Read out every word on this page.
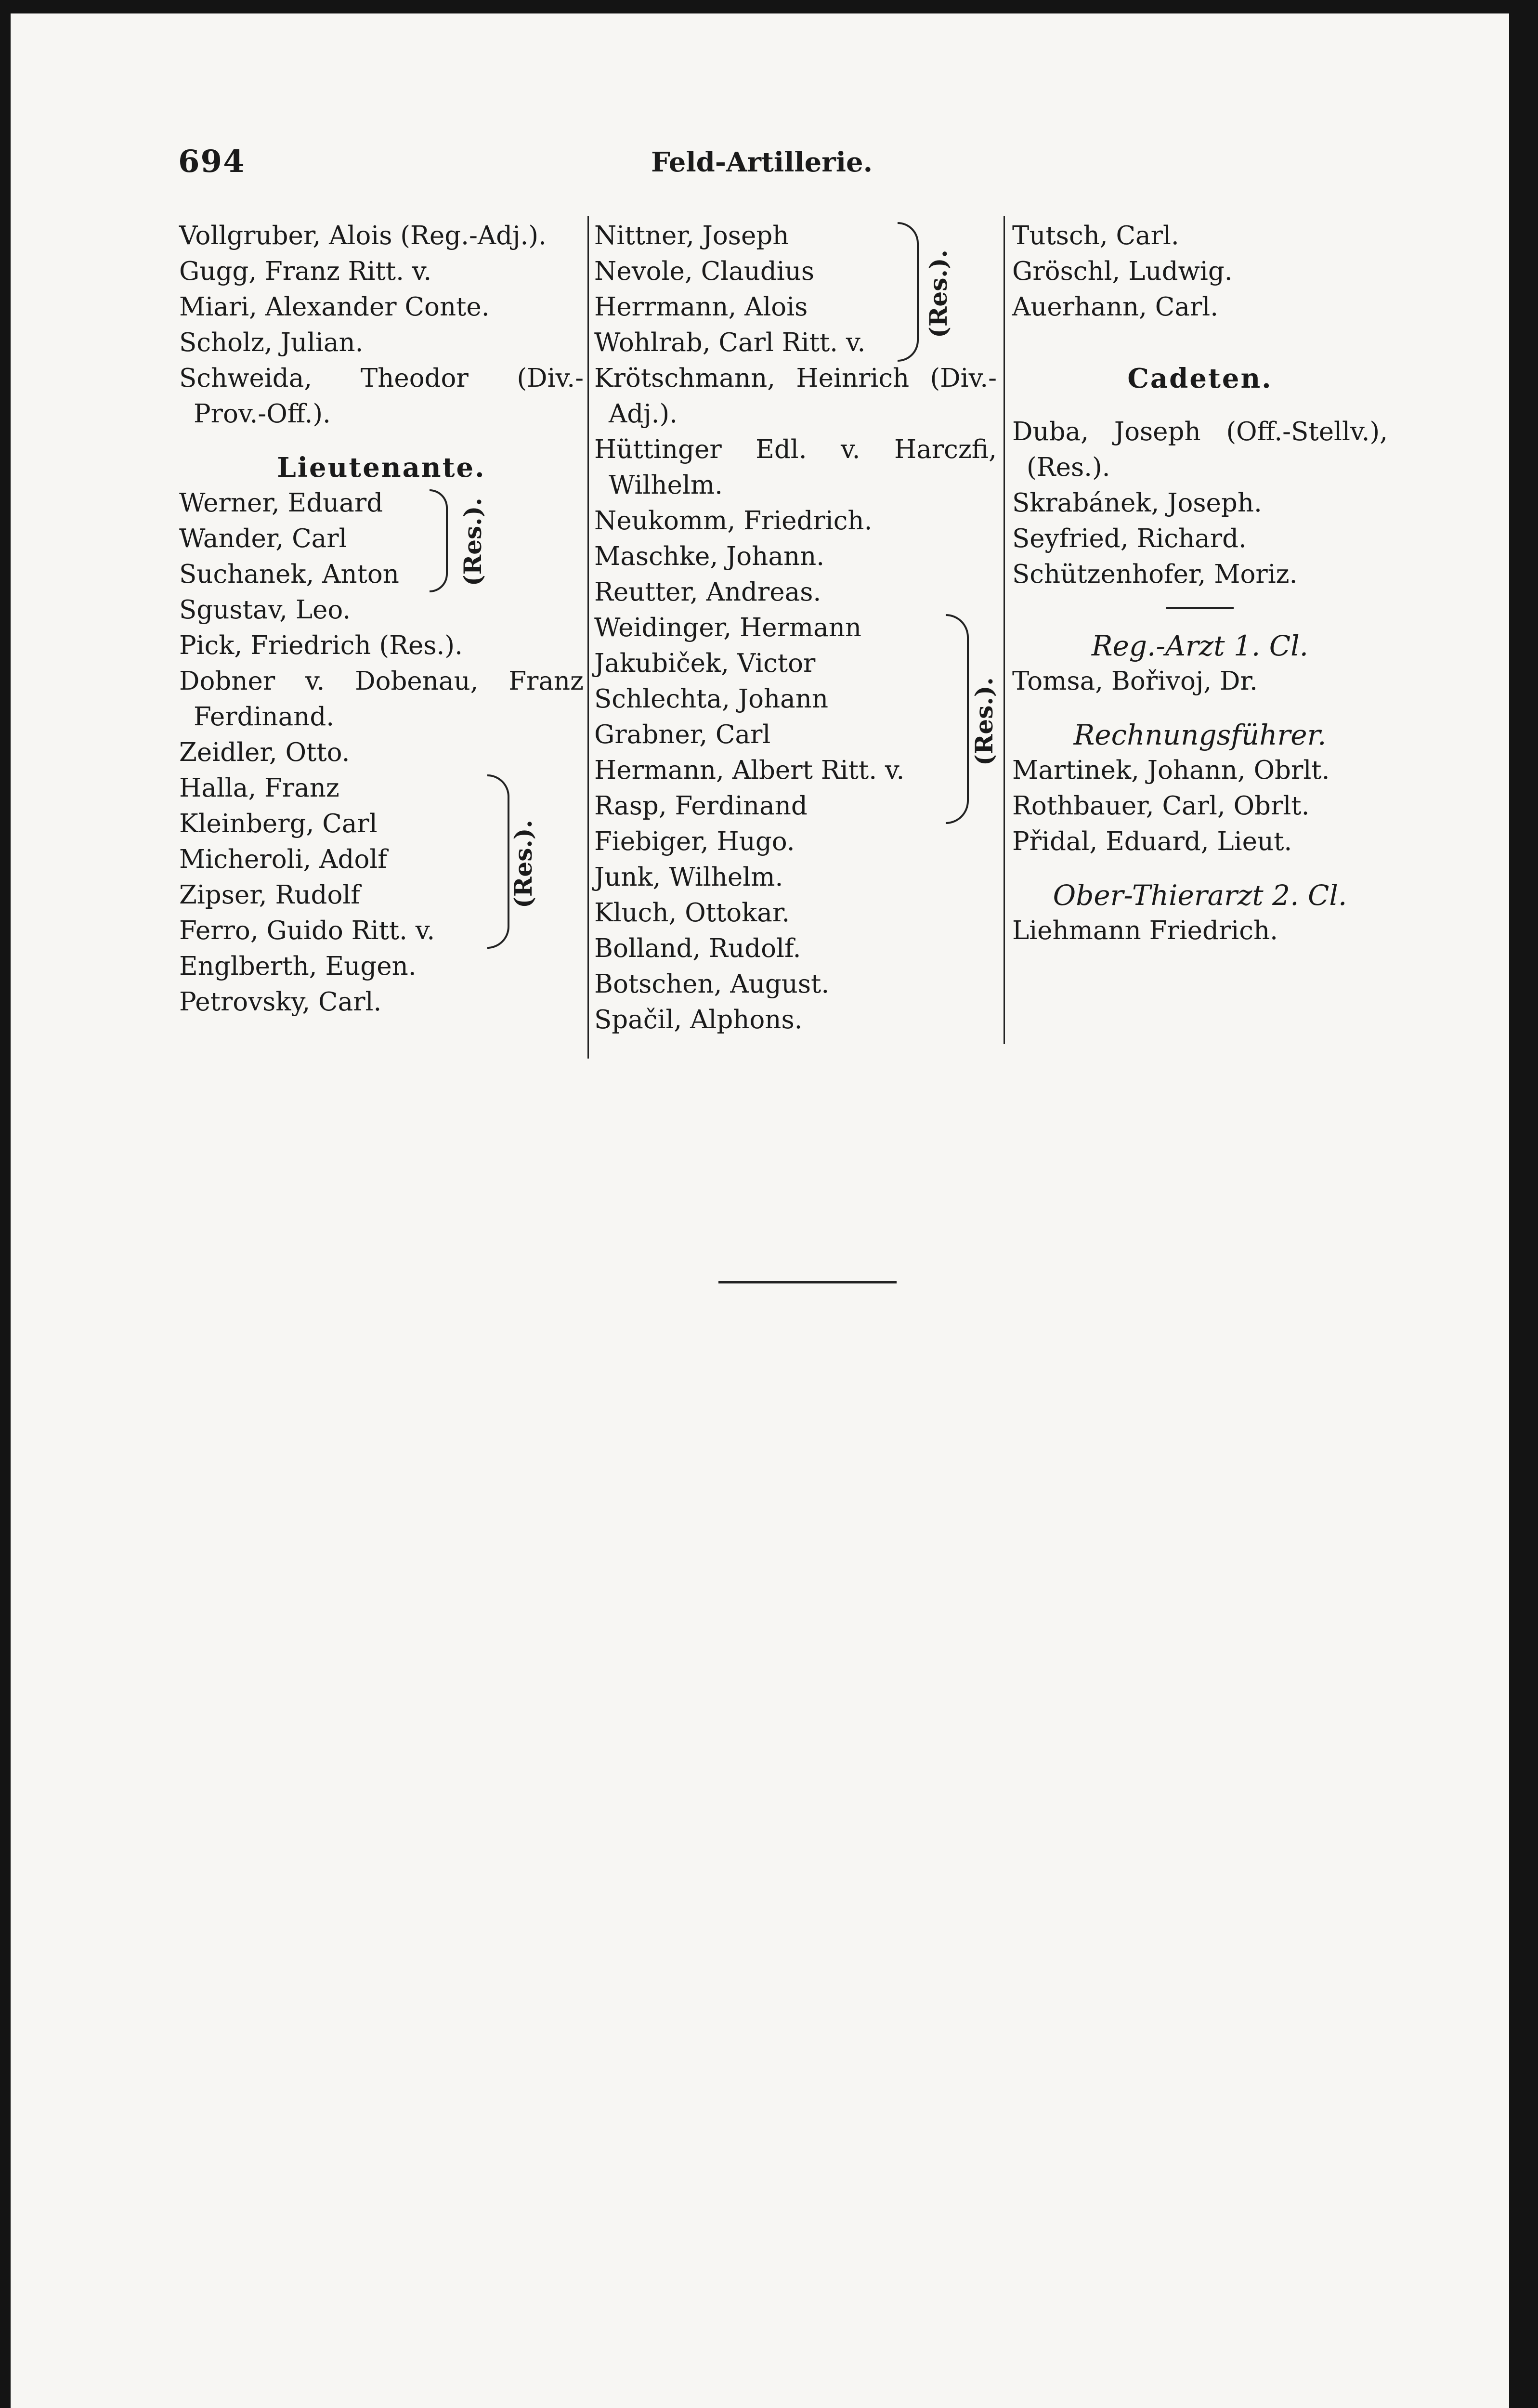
694	Feld-Artillerie.
Vollgruber, Alois (Reg.-Adj.).
Gugg, Franz Ritt. v.
Miari, Alexander Conte.
Scholz, Julian.
Schweida, Theodor (Div.-
Prov.-Off.).
Lieutenante.
Werner, Eduard
Wander, Carl
Suchanek, Anton	(Res.).
Sgustav, Leo.
Pick, Friedrich (Res.).
Dobner v. Dobenau, Franz
Ferdinand.
Zeidler, Otto.
Halla, Franz
Kleinberg, Carl
Micheroli, Adolf
Zipser, Rudolf
Ferro, Guido Ritt. v.
(Res.).
Englberth, Eugen.
Petrovsky, Carl.
Nittner, Joseph
Nevole, Claudius
Herrmann, Alois
Wohlrab, Carl Ritt. v.
(Res.).
Krötschmann, Heinrich (Div.-
Adj.).
Hüttinger Edl. v. Harczfi,
Wilhelm.
Neukomm, Friedrich.
Maschke, Johann.
Reutter, Andreas.
Weidinger, Hermann
Jakubiček, Victor
Schlechta, Johann
Grabner, Carl
Hermann, Albert Ritt. v.
Rasp, Ferdinand
(Res.).
Fiebiger, Hugo.
Junk, Wilhelm.
Kluch, Ottokar.
Bolland, Rudolf.
Botschen, August.
Spačil, Alphons.
Tutsch, Carl.
Gröschl, Ludwig.
Auerhann, Carl.
Cadeten.
Duba, Joseph (Off.-Stellv.),
(Res.).
Skrabánek, Joseph.
Seyfried, Richard.
Schützenhofer, Moriz.
Reg.-Arzt 1. Cl.
Tomsa, Bořivoj, Dr.
Rechnungsführer.
Martinek, Johann, Obrlt.
Rothbauer, Carl, Obrlt.
Přidal, Eduard, Lieut.
Ober-Thierarzt 2. Cl.
Liehmann Friedrich.
